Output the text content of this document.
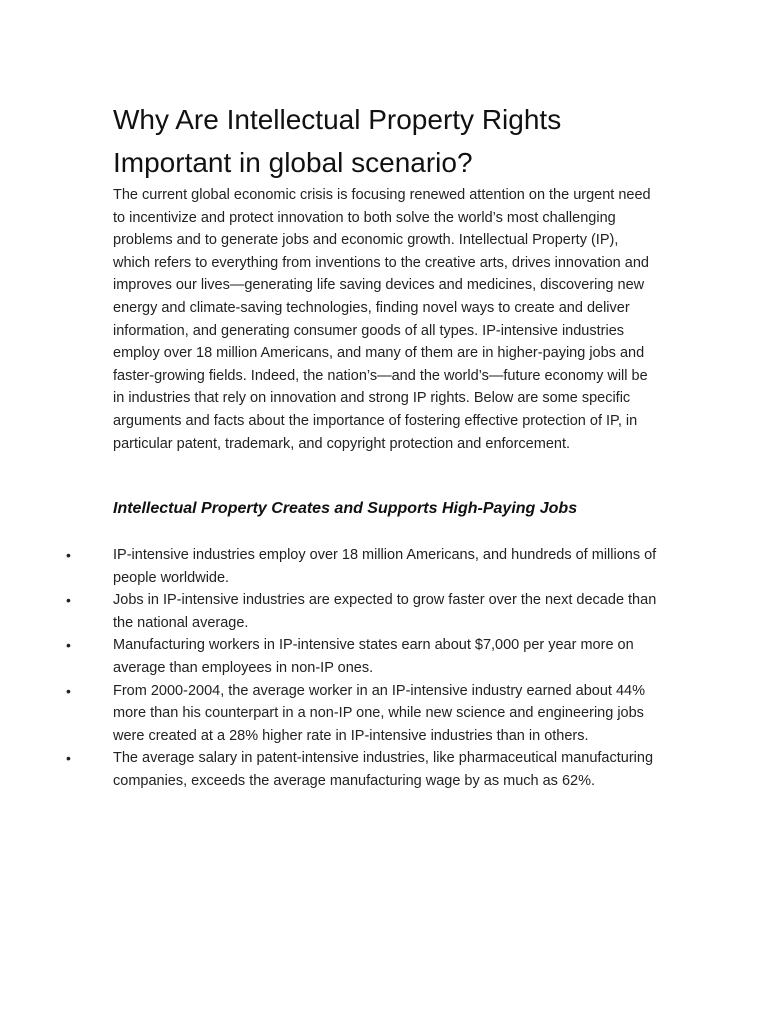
Why Are Intellectual Property Rights Important in global scenario?

The current global economic crisis is focusing renewed attention on the urgent need to incentivize and protect innovation to both solve the world’s most challenging problems and to generate jobs and economic growth. Intellectual Property (IP), which refers to everything from inventions to the creative arts, drives innovation and improves our lives—generating life saving devices and medicines, discovering new energy and climate-saving technologies, finding novel ways to create and deliver information, and generating consumer goods of all types. IP-intensive industries employ over 18 million Americans, and many of them are in higher-paying jobs and faster-growing fields. Indeed, the nation’s—and the world’s—future economy will be in industries that rely on innovation and strong IP rights. Below are some specific arguments and facts about the importance of fostering effective protection of IP, in particular patent, trademark, and copyright protection and enforcement.

Intellectual Property Creates and Supports High-Paying Jobs
•	IP-intensive industries employ over 18 million Americans, and hundreds of millions of people worldwide.
•	Jobs in IP-intensive industries are expected to grow faster over the next decade than the national average.
•	Manufacturing workers in IP-intensive states earn about $7,000 per year more on average than employees in non-IP ones.
•	From 2000-2004, the average worker in an IP-intensive industry earned about 44% more than his counterpart in a non-IP one, while new science and engineering jobs were created at a 28% higher rate in IP-intensive industries than in others.
•	The average salary in patent-intensive industries, like pharmaceutical manufacturing companies, exceeds the average manufacturing wage by as much as 62%.
